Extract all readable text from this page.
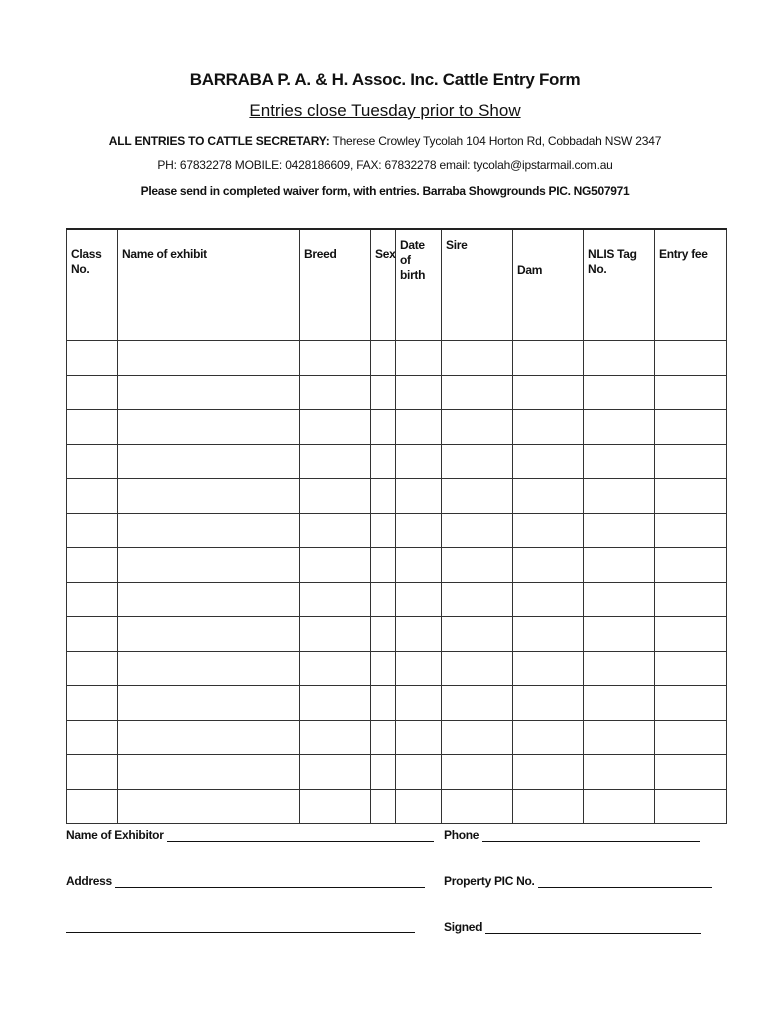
BARRABA P. A. & H. Assoc. Inc. Cattle Entry Form
Entries close Tuesday prior to Show
ALL ENTRIES TO CATTLE SECRETARY: Therese Crowley Tycolah 104 Horton Rd, Cobbadah NSW 2347
PH: 67832278 MOBILE: 0428186609, FAX: 67832278 email: tycolah@ipstarmail.com.au
Please send in completed waiver form, with entries. Barraba Showgrounds PIC. NG507971
Class No.	Name of exhibit	Breed	Sex	Date of birth	Sire	Dam	NLIS Tag No.	Entry fee

Name of Exhibitor	Phone
Address	Property PIC No.
Signed
